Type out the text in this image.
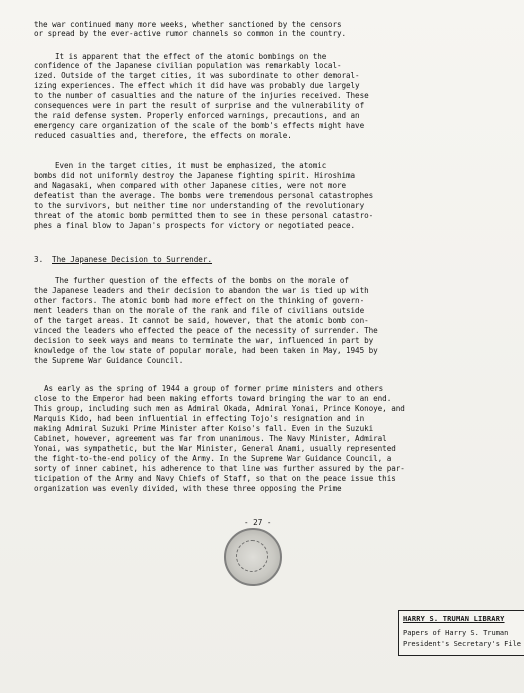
the war continued many more weeks, whether sanctioned by the censors
or spread by the ever-active rumor channels so common in the country.
It is apparent that the effect of the atomic bombings on the
confidence of the Japanese civilian population was remarkably local-
ized. Outside of the target cities, it was subordinate to other demoral-
izing experiences. The effect which it did have was probably due largely
to the number of casualties and the nature of the injuries received. These
consequences were in part the result of surprise and the vulnerability of
the raid defense system. Properly enforced warnings, precautions, and an
emergency care organization of the scale of the bomb's effects might have
reduced casualties and, therefore, the effects on morale.
Even in the target cities, it must be emphasized, the atomic
bombs did not uniformly destroy the Japanese fighting spirit. Hiroshima
and Nagasaki, when compared with other Japanese cities, were not more
defeatist than the average. The bombs were tremendous personal catastrophes
to the survivors, but neither time nor understanding of the revolutionary
threat of the atomic bomb permitted them to see in these personal catastro-
phes a final blow to Japan's prospects for victory or negotiated peace.
3. The Japanese Decision to Surrender.
The further question of the effects of the bombs on the morale of
the Japanese leaders and their decision to abandon the war is tied up with
other factors. The atomic bomb had more effect on the thinking of govern-
ment leaders than on the morale of the rank and file of civilians outside
of the target areas. It cannot be said, however, that the atomic bomb con-
vinced the leaders who effected the peace of the necessity of surrender. The
decision to seek ways and means to terminate the war, influenced in part by
knowledge of the low state of popular morale, had been taken in May, 1945 by
the Supreme War Guidance Council.
As early as the spring of 1944 a group of former prime ministers and others
close to the Emperor had been making efforts toward bringing the war to an end.
This group, including such men as Admiral Okada, Admiral Yonai, Prince Konoye, and
Marquis Kido, had been influential in effecting Tojo's resignation and in
making Admiral Suzuki Prime Minister after Koiso's fall. Even in the Suzuki
Cabinet, however, agreement was far from unanimous. The Navy Minister, Admiral
Yonai, was sympathetic, but the War Minister, General Anami, usually represented
the fight-to-the-end policy of the Army. In the Supreme War Guidance Council, a
sorty of inner cabinet, his adherence to that line was further assured by the par-
ticipation of the Army and Navy Chiefs of Staff, so that on the peace issue this
organization was evenly divided, with these three opposing the Prime
- 27 -
HARRY S. TRUMAN LIBRARY
Papers of Harry S. Truman
President's Secretary's File
